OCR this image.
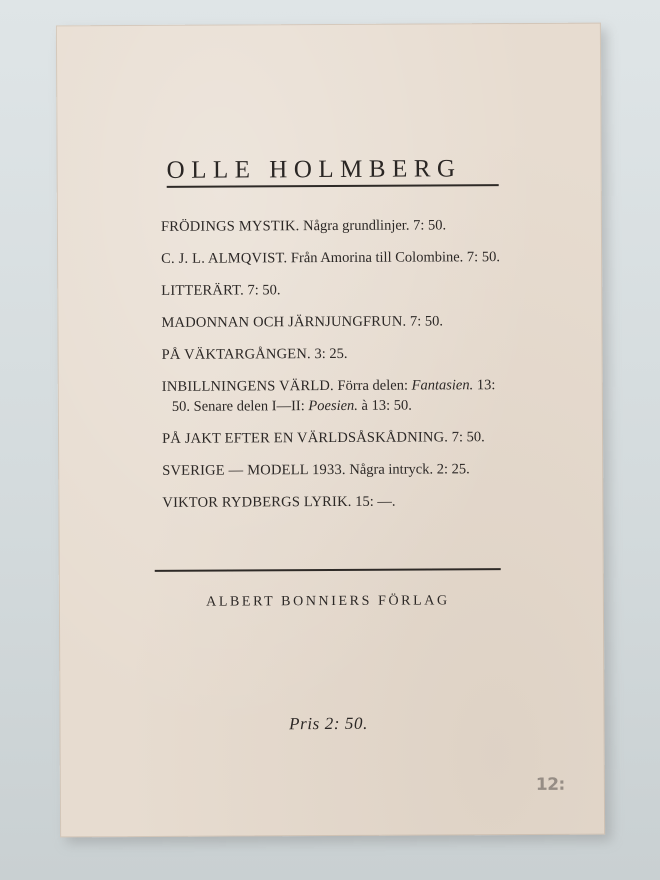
OLLE HOLMBERG
FRÖDINGS MYSTIK. Några grundlinjer. 7: 50.
C. J. L. ALMQVIST. Från Amorina till Colombine. 7: 50.
LITTERÄRT. 7: 50.
MADONNAN OCH JÄRNJUNGFRUN. 7: 50.
PÅ VÄKTARGÅNGEN. 3: 25.
INBILLNINGENS VÄRLD. Förra delen: Fantasien. 13: 50. Senare delen I—II: Poesien. à 13: 50.
PÅ JAKT EFTER EN VÄRLDSÅSKÅDNING. 7: 50.
SVERIGE — MODELL 1933. Några intryck. 2: 25.
VIKTOR RYDBERGS LYRIK. 15: —.
ALBERT BONNIERS FÖRLAG
Pris 2: 50.
12:
